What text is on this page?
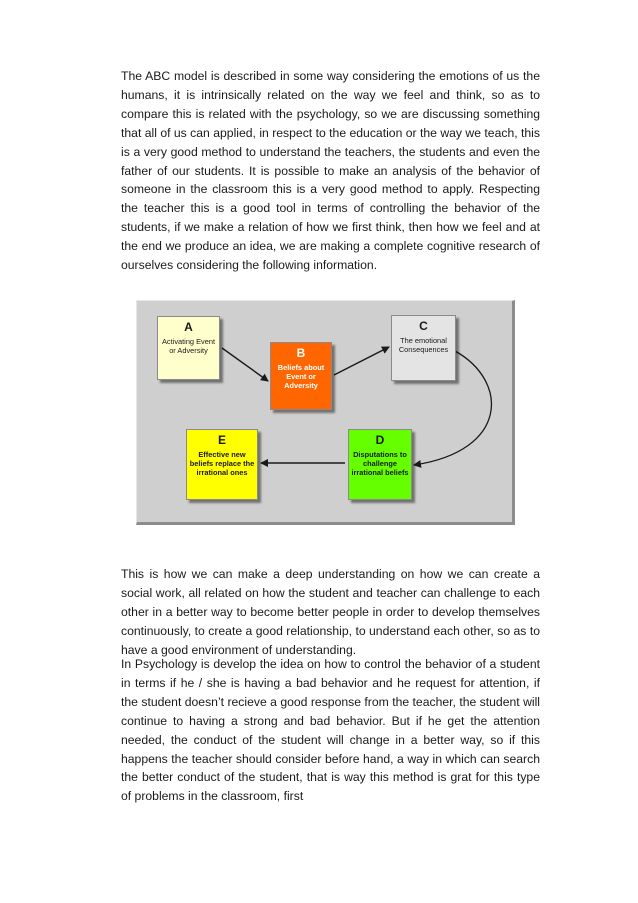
The ABC model is described in some way considering the emotions of us the humans, it is intrinsically related on the way we feel and think, so as to compare this is related with the psychology, so we are discussing something that all of us can applied, in respect to the education or the way we teach, this is a very good method to understand the teachers, the students and even the father of our students. It is possible to make an analysis of the behavior of someone in the classroom this is a very good method to apply. Respecting the teacher this is a good tool in terms of controlling the behavior of the students, if we make a relation of how we first think, then how we feel and at the end we produce an idea, we are making a complete cognitive research of ourselves considering the following information.

A
Activating Event or Adversity	B
Beliefs about Event or Adversity
C
The emotional Consequences
D
Disputations to challenge irrational beliefs
E
Effective new beliefs replace the irrational ones

This is how we can make a deep understanding on how we can create a social work, all related on how the student and teacher can challenge to each other in a better way to become better people in order to develop themselves continuously, to create a good relationship, to understand each other, so as to have a good environment of understanding.

In Psychology is develop the idea on how to control the behavior of a student in terms if he / she is having a bad behavior and he request for attention, if the student doesn’t recieve a good response from the teacher, the student will continue to having a strong and bad behavior. But if he get the attention needed, the conduct of the student will change in a better way, so if this happens the teacher should consider before hand, a way in which can search the better conduct of the student, that is way this method is grat for this type of problems in the classroom, first
